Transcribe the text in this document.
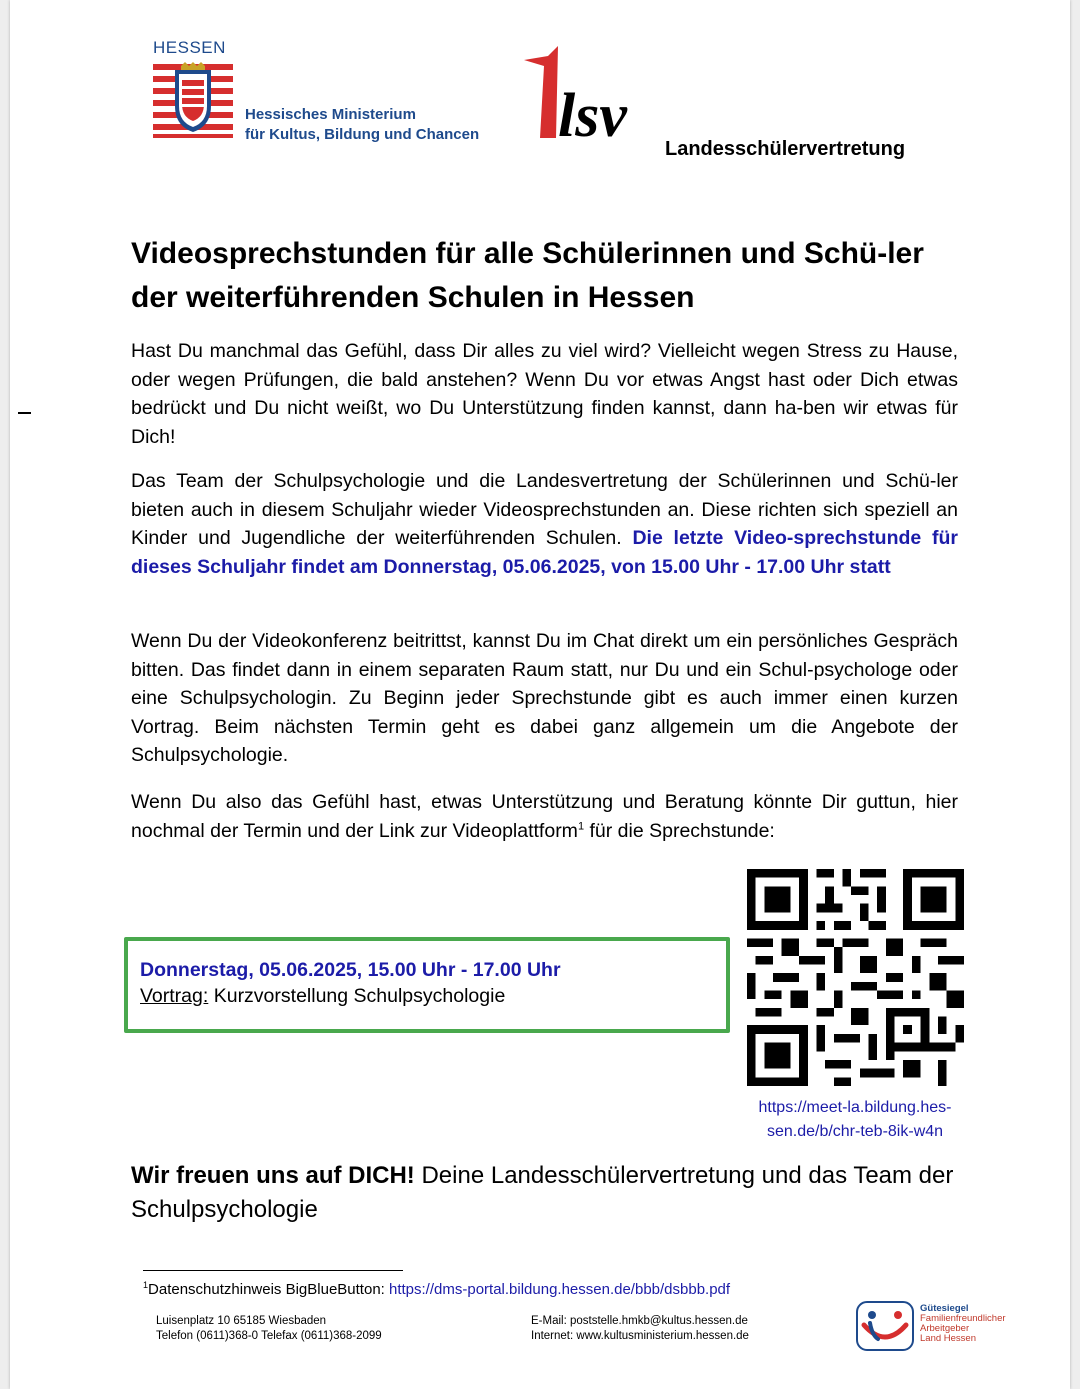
HESSEN
Hessisches Ministerium
für Kultus, Bildung und Chancen lsv Landesschülervertretung
Videosprechstunden für alle Schülerinnen und Schü-ler der weiterführenden Schulen in Hessen

Hast Du manchmal das Gefühl, dass Dir alles zu viel wird? Vielleicht wegen Stress zu Hause, oder wegen Prüfungen, die bald anstehen? Wenn Du vor etwas Angst hast oder Dich etwas bedrückt und Du nicht weißt, wo Du Unterstützung finden kannst, dann ha-ben wir etwas für Dich!

Das Team der Schulpsychologie und die Landesvertretung der Schülerinnen und Schü-ler bieten auch in diesem Schuljahr wieder Videosprechstunden an. Diese richten sich speziell an Kinder und Jugendliche der weiterführenden Schulen. Die letzte Video-sprechstunde für dieses Schuljahr findet am Donnerstag, 05.06.2025, von 15.00 Uhr - 17.00 Uhr statt

Wenn Du der Videokonferenz beitrittst, kannst Du im Chat direkt um ein persönliches Gespräch bitten. Das findet dann in einem separaten Raum statt, nur Du und ein Schul-psychologe oder eine Schulpsychologin. Zu Beginn jeder Sprechstunde gibt es auch immer einen kurzen Vortrag. Beim nächsten Termin geht es dabei ganz allgemein um die Angebote der Schulpsychologie.

Wenn Du also das Gefühl hast, etwas Unterstützung und Beratung könnte Dir guttun, hier nochmal der Termin und der Link zur Videoplattform$^1$ für die Sprechstunde:

Donnerstag, 05.06.2025, 15.00 Uhr - 17.00 Uhr
Vortrag: Kurzvorstellung Schulpsychologie
https://meet-la.bildung.hes-
sen.de/b/chr-teb-8ik-w4n
Wir freuen uns auf DICH! Deine Landesschülervertretung und das Team der Schulpsychologie
$^1$Datenschutzhinweis BigBlueButton: https://dms-portal.bildung.hessen.de/bbb/dsbbb.pdf
Luisenplatz 10 65185 Wiesbaden
Telefon (0611)368-0 Telefax (0611)368-2099
E-Mail: poststelle.hmkb@kultus.hessen.de
Internet: www.kultusministerium.hessen.de
Gütesiegel
Familienfreundlicher
Arbeitgeber
Land Hessen
